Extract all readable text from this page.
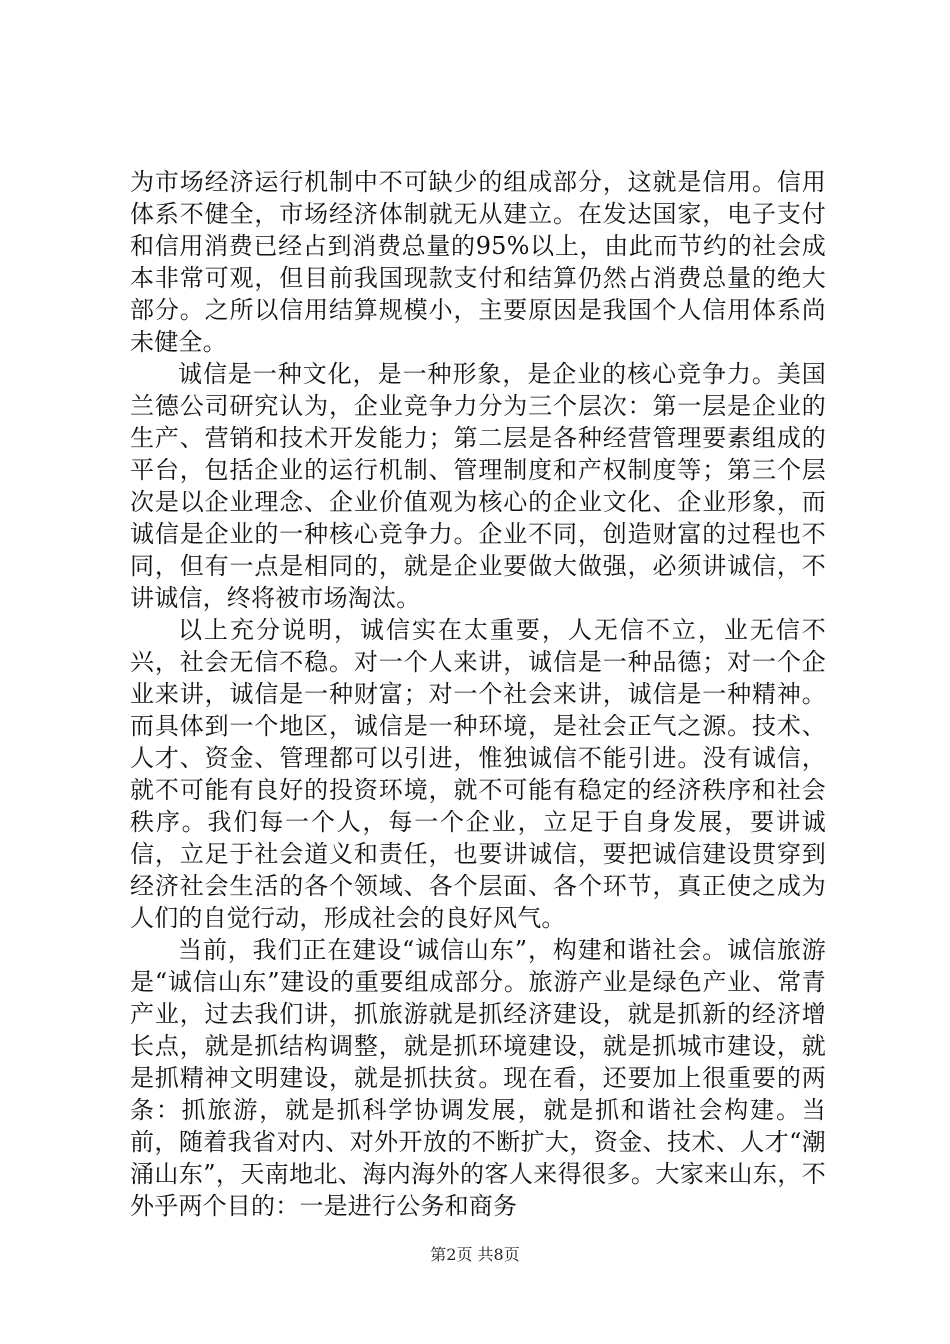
为市场经济运行机制中不可缺少的组成部分，这就是信用。信用体系不健全，市场经济体制就无从建立。在发达国家，电子支付和信用消费已经占到消费总量的95%以上，由此而节约的社会成本非常可观，但目前我国现款支付和结算仍然占消费总量的绝大部分。之所以信用结算规模小，主要原因是我国个人信用体系尚未健全。

诚信是一种文化，是一种形象，是企业的核心竞争力。美国兰德公司研究认为，企业竞争力分为三个层次：第一层是企业的生产、营销和技术开发能力；第二层是各种经营管理要素组成的平台，包括企业的运行机制、管理制度和产权制度等；第三个层次是以企业理念、企业价值观为核心的企业文化、企业形象，而诚信是企业的一种核心竞争力。企业不同，创造财富的过程也不同，但有一点是相同的，就是企业要做大做强，必须讲诚信，不讲诚信，终将被市场淘汰。

以上充分说明，诚信实在太重要，人无信不立，业无信不兴，社会无信不稳。对一个人来讲，诚信是一种品德；对一个企业来讲，诚信是一种财富；对一个社会来讲，诚信是一种精神。而具体到一个地区，诚信是一种环境，是社会正气之源。技术、人才、资金、管理都可以引进，惟独诚信不能引进。没有诚信，就不可能有良好的投资环境，就不可能有稳定的经济秩序和社会秩序。我们每一个人，每一个企业，立足于自身发展，要讲诚信，立足于社会道义和责任，也要讲诚信，要把诚信建设贯穿到经济社会生活的各个领域、各个层面、各个环节，真正使之成为人们的自觉行动，形成社会的良好风气。

当前，我们正在建设“诚信山东”，构建和谐社会。诚信旅游是“诚信山东”建设的重要组成部分。旅游产业是绿色产业、常青产业，过去我们讲，抓旅游就是抓经济建设，就是抓新的经济增长点，就是抓结构调整，就是抓环境建设，就是抓城市建设，就是抓精神文明建设，就是抓扶贫。现在看，还要加上很重要的两条：抓旅游，就是抓科学协调发展，就是抓和谐社会构建。当前，随着我省对内、对外开放的不断扩大，资金、技术、人才“潮涌山东”，天南地北、海内海外的客人来得很多。大家来山东，不外乎两个目的：一是进行公务和商务

第2页 共8页
